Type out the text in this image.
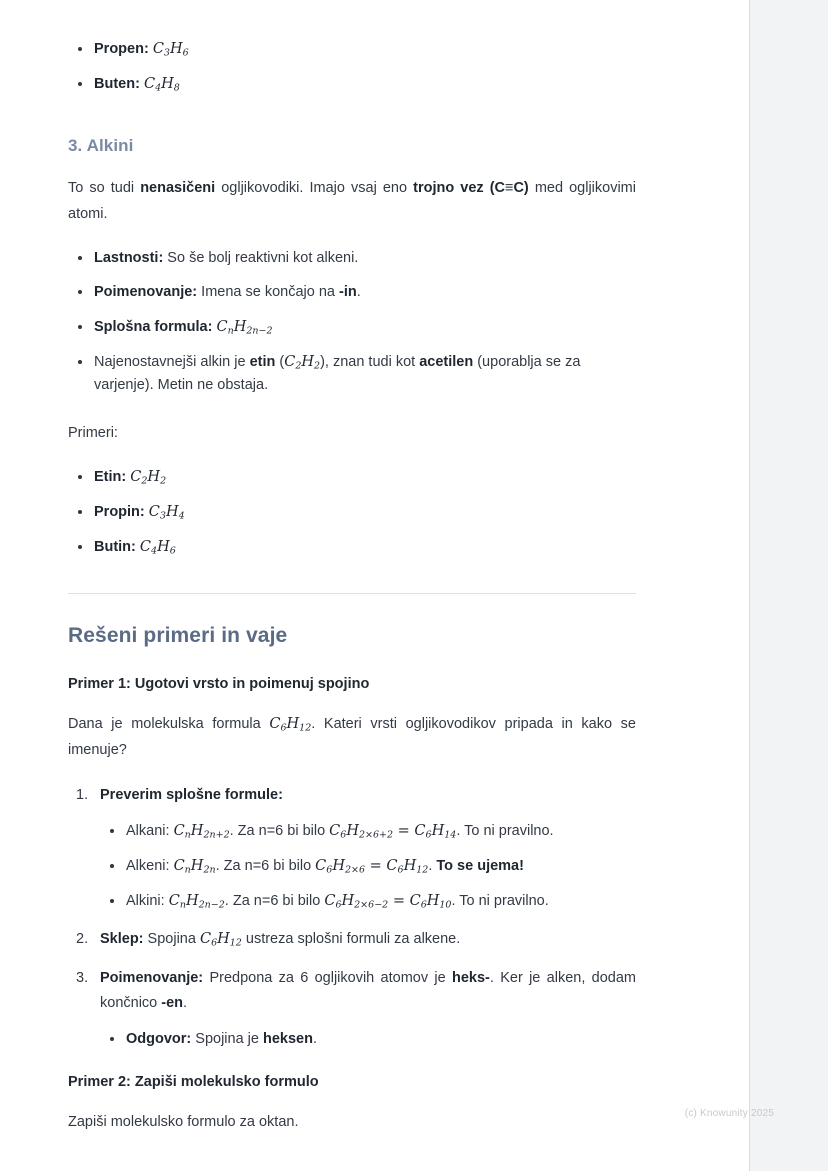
Propen: $C_3H_6$
Buten: $C_4H_8$
3. Alkini

To so tudi nenasičeni ogljikovodiki. Imajo vsaj eno trojno vez (C≡C) med ogljikovimi atomi.

Lastnosti: So še bolj reaktivni kot alkeni.
Poimenovanje: Imena se končajo na -in.
Splošna formula: $C_nH_{2n-2}$
Najenostavnejši alkin je etin $(C_2H_2)$, znan tudi kot acetilen (uporablja se za varjenje). Metin ne obstaja.

Primeri:

Etin: $C_2H_2$
Propin: $C_3H_4$
Butin: $C_4H_6$
Rešeni primeri in vaje
Primer 1: Ugotovi vrsto in poimenuj spojino

Dana je molekulska formula $C_6H_{12}$. Kateri vrsti ogljikovodikov pripada in kako se imenuje?

Preverim splošne formule:
Alkani: $C_nH_{2n+2}$. Za n=6 bi bilo $C_6H_{2\times 6+2} = C_6H_{14}$. To ni pravilno.
Alkeni: $C_nH_{2n}$. Za n=6 bi bilo $C_6H_{2\times 6} = C_6H_{12}$. To se ujema!
Alkini: $C_nH_{2n-2}$. Za n=6 bi bilo $C_6H_{2\times 6-2} = C_6H_{10}$. To ni pravilno.
Sklep: Spojina $C_6H_{12}$ ustreza splošni formuli za alkene.
Poimenovanje: Predpona za 6 ogljikovih atomov je heks-. Ker je alken, dodam končnico -en.
Odgovor: Spojina je heksen.
Primer 2: Zapiši molekulsko formulo

Zapiši molekulsko formulo za oktan.

(c) Knowunity 2025
